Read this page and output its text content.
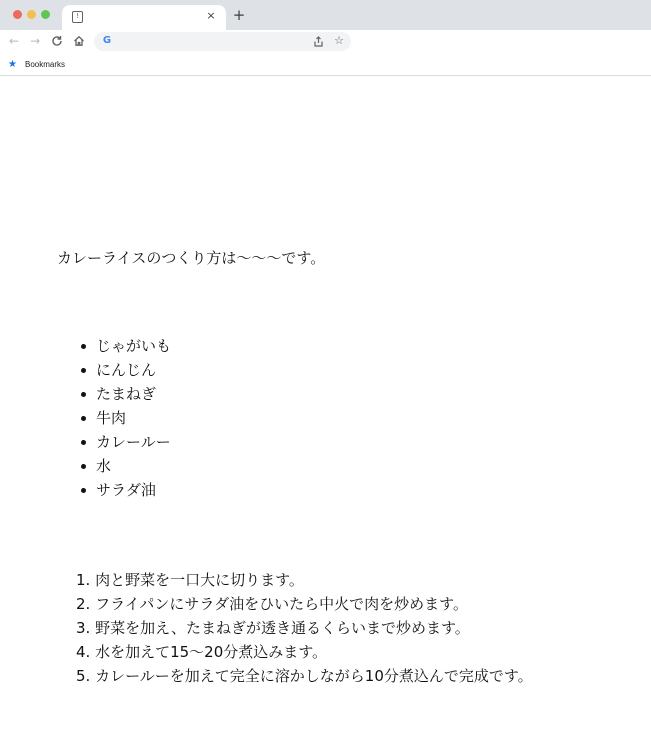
!	× +
← →	G	☆
★	Bookmarks

カレーライスのつくり方は〜〜〜です。

じゃがいも
にんじん
たまねぎ
牛肉
カレールー
水
サラダ油
1. 肉と野菜を一口大に切ります。
2. フライパンにサラダ油をひいたら中火で肉を炒めます。
3. 野菜を加え、たまねぎが透き通るくらいまで炒めます。
4. 水を加えて15〜20分煮込みます。
5. カレールーを加えて完全に溶かしながら10分煮込んで完成です。
